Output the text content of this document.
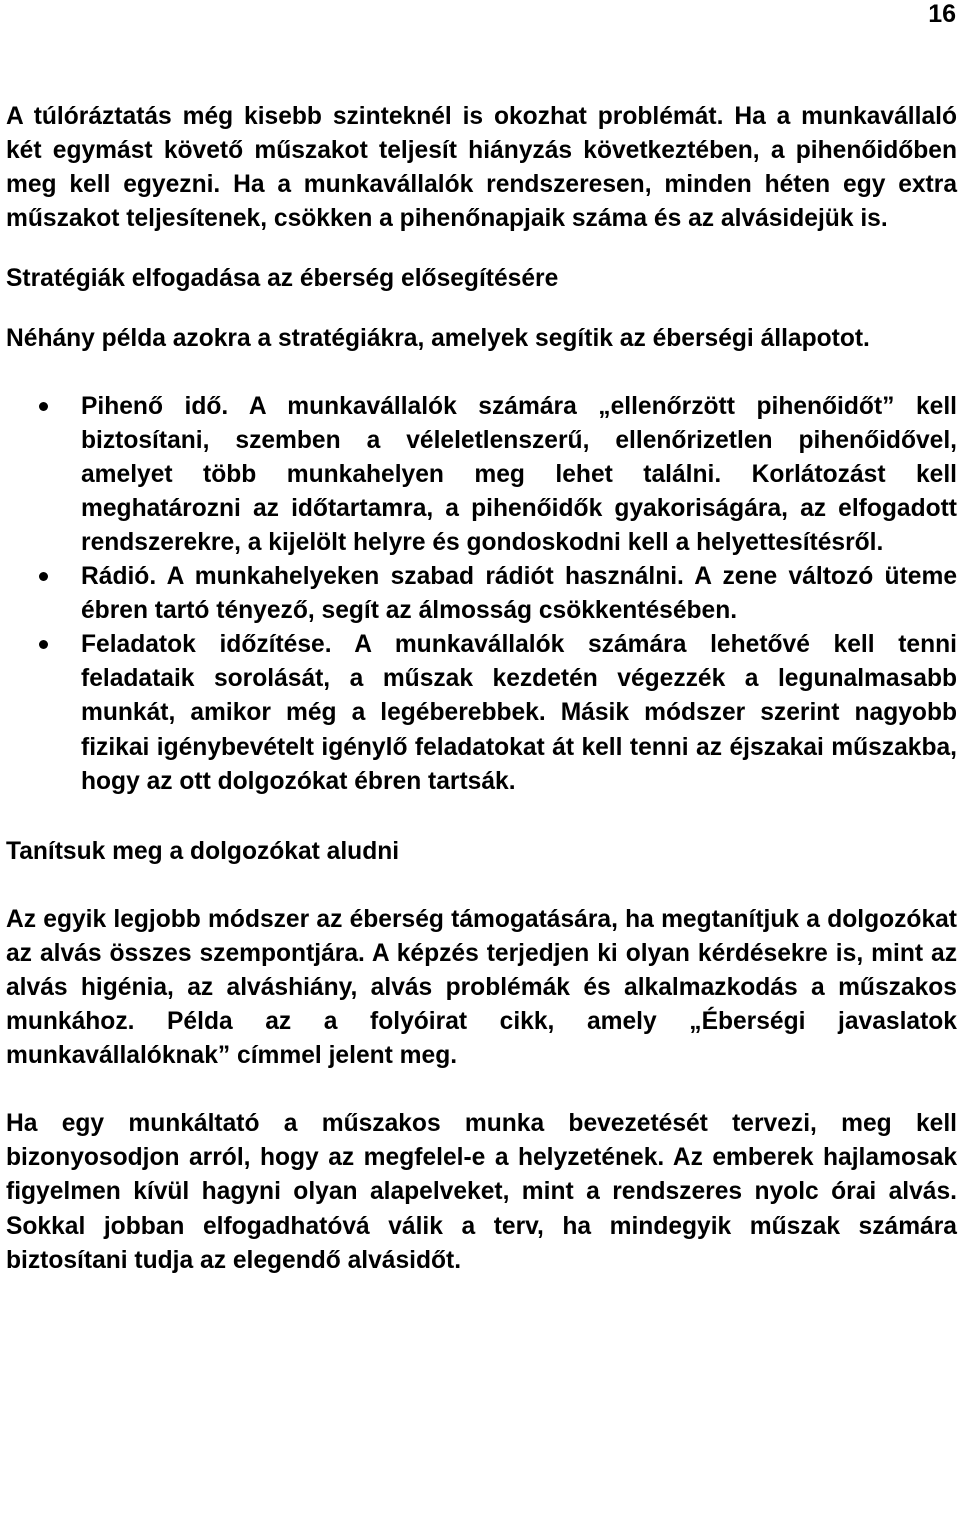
16

A túlóráztatás még kisebb szinteknél is okozhat problémát. Ha a munkavállaló két egymást követő műszakot teljesít hiányzás következtében, a pihenőidőben meg kell egyezni. Ha a munkavállalók rendszeresen, minden héten egy extra műszakot teljesítenek, csökken a pihenőnapjaik száma és az alvásidejük is.

Stratégiák elfogadása az éberség elősegítésére

Néhány példa azokra a stratégiákra, amelyek segítik az éberségi állapotot.

Pihenő idő. A munkavállalók számára „ellenőrzött pihenőidőt” kell biztosítani, szemben a véleletlenszerű, ellenőrizetlen pihenőidővel, amelyet több munkahelyen meg lehet találni. Korlátozást kell meghatározni az időtartamra, a pihenőidők gyakoriságára, az elfogadott rendszerekre, a kijelölt helyre és gondoskodni kell a helyettesítésről.
Rádió. A munkahelyeken szabad rádiót használni. A zene változó üteme ébren tartó tényező, segít az álmosság csökkentésében.
Feladatok időzítése. A munkavállalók számára lehetővé kell tenni feladataik sorolását, a műszak kezdetén végezzék a legunalmasabb munkát, amikor még a legéberebbek. Másik módszer szerint nagyobb fizikai igénybevételt igénylő feladatokat át kell tenni az éjszakai műszakba, hogy az ott dolgozókat ébren tartsák.

Tanítsuk meg a dolgozókat aludni

Az egyik legjobb módszer az éberség támogatására, ha megtanítjuk a dolgozókat az alvás összes szempontjára. A képzés terjedjen ki olyan kérdésekre is, mint az alvás higénia, az alváshiány, alvás problémák és alkalmazkodás a műszakos munkához. Példa az a folyóirat cikk, amely „Éberségi javaslatok munkavállalóknak” címmel jelent meg.

Ha egy munkáltató a műszakos munka bevezetését tervezi, meg kell bizonyosodjon arról, hogy az megfelel-e a helyzetének. Az emberek hajlamosak figyelmen kívül hagyni olyan alapelveket, mint a rendszeres nyolc órai alvás. Sokkal jobban elfogadhatóvá válik a terv, ha mindegyik műszak számára biztosítani tudja az elegendő alvásidőt.
